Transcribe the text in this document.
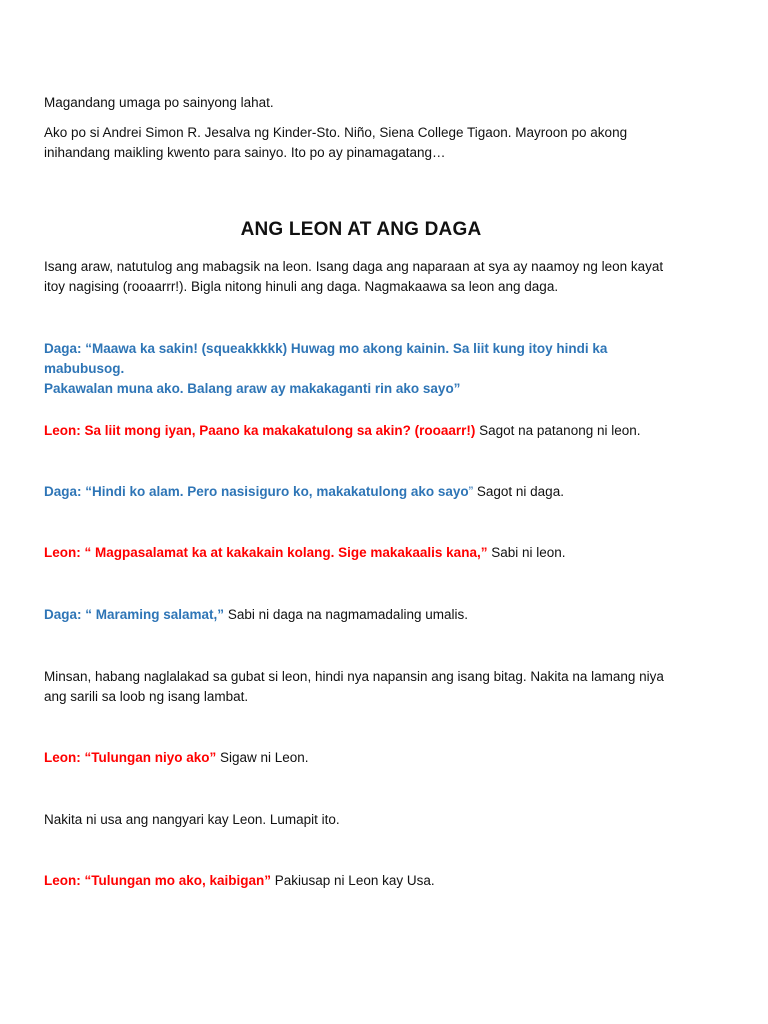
Magandang umaga po sainyong lahat.

Ako po si Andrei Simon R. Jesalva ng Kinder-Sto. Niño, Siena College Tigaon. Mayroon po akong
inihandang maikling kwento para sainyo. Ito po ay pinamagatang…
ANG LEON AT ANG DAGA
Isang araw, natutulog ang mabagsik na leon. Isang daga ang naparaan at sya ay naamoy ng leon kayat
itoy nagising (rooaarrr!). Bigla nitong hinuli ang daga. Nagmakaawa sa leon ang daga.
Daga: “Maawa ka sakin! (squeakkkkk) Huwag mo akong kainin. Sa liit kung itoy hindi ka mabubusog.
Pakawalan muna ako. Balang araw ay makakaganti rin ako sayo”
Leon: Sa liit mong iyan, Paano ka makakatulong sa akin? (rooaarr!) Sagot na patanong ni leon.
Daga: “Hindi ko alam. Pero nasisiguro ko, makakatulong ako sayo” Sagot ni daga.
Leon: “ Magpasalamat ka at kakakain kolang. Sige makakaalis kana,” Sabi ni leon.
Daga: “ Maraming salamat,” Sabi ni daga na nagmamadaling umalis.
Minsan, habang naglalakad sa gubat si leon, hindi nya napansin ang isang bitag. Nakita na lamang niya
ang sarili sa loob ng isang lambat.
Leon: “Tulungan niyo ako” Sigaw ni Leon.

Nakita ni usa ang nangyari kay Leon. Lumapit ito.

Leon: “Tulungan mo ako, kaibigan” Pakiusap ni Leon kay Usa.
